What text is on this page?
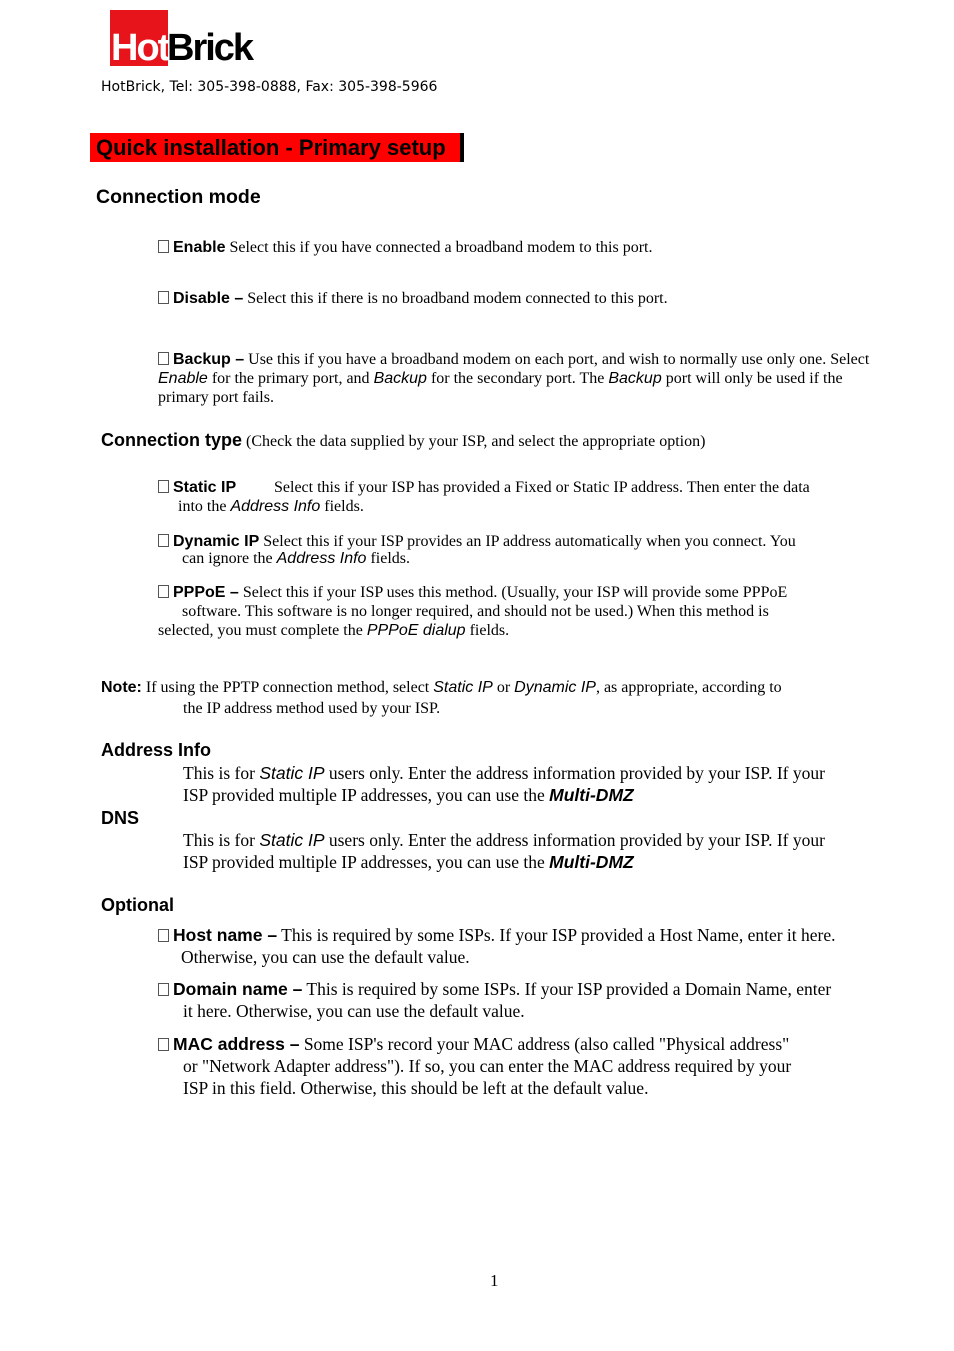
Hot
Brick
HotBrick, Tel: 305-398-0888, Fax: 305-398-5966
Quick installation - Primary setup
Connection mode
Enable Select this if you have connected a broadband modem to this port.
Disable – Select this if there is no broadband modem connected to this port.
Backup – Use this if you have a broadband modem on each port, and wish to normally use only one. Select Enable for the primary port, and Backup for the secondary port. The Backup port will only be used if the primary port fails.
Connection type (Check the data supplied by your ISP, and select the appropriate option)
Static IP Select this if your ISP has provided a Fixed or Static IP address. Then enter the data
into the Address Info fields.
Dynamic IP Select this if your ISP provides an IP address automatically when you connect. You
can ignore the Address Info fields.
PPPoE – Select this if your ISP uses this method. (Usually, your ISP will provide some PPPoE
software. This software is no longer required, and should not be used.) When this method is
selected, you must complete the PPPoE dialup fields.
Note: If using the PPTP connection method, select Static IP or Dynamic IP, as appropriate, according to
the IP address method used by your ISP.
Address Info
This is for Static IP users only. Enter the address information provided by your ISP. If your
ISP provided multiple IP addresses, you can use the Multi-DMZ
DNS
This is for Static IP users only. Enter the address information provided by your ISP. If your
ISP provided multiple IP addresses, you can use the Multi-DMZ
Optional
Host name – This is required by some ISPs. If your ISP provided a Host Name, enter it here.
Otherwise, you can use the default value.
Domain name – This is required by some ISPs. If your ISP provided a Domain Name, enter
it here. Otherwise, you can use the default value.
MAC address – Some ISP's record your MAC address (also called "Physical address"
or "Network Adapter address"). If so, you can enter the MAC address required by your
ISP in this field. Otherwise, this should be left at the default value.
1
